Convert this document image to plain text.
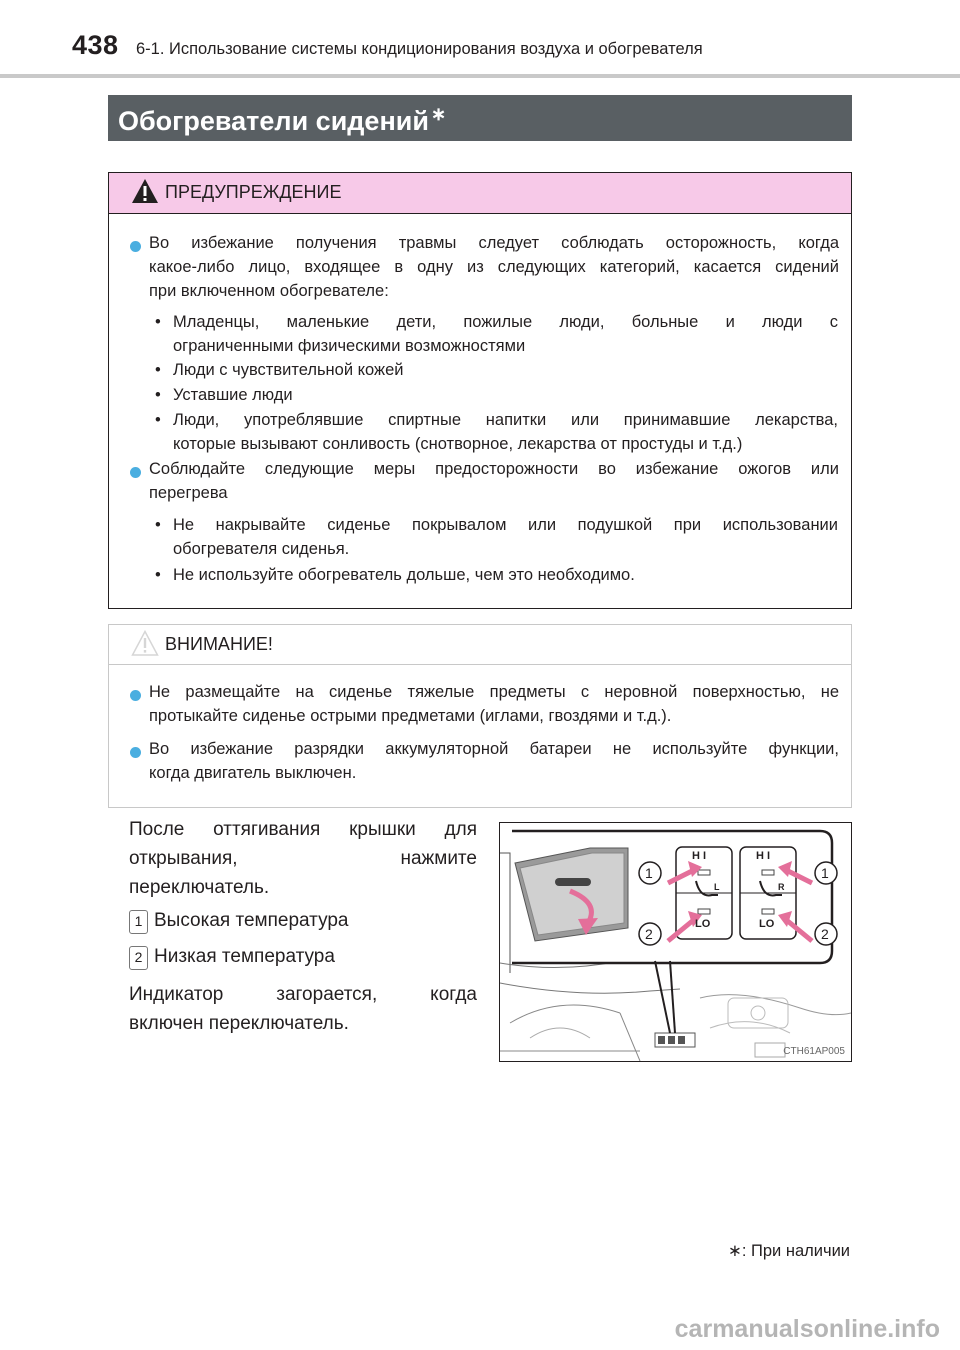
438 6-1. Использование системы кондиционирования воздуха и обогревателя
Обогреватели сидений ∗
ПРЕДУПРЕЖДЕНИЕ
Во избежание получения травмы следует соблюдать осторожность, когда
какое-либо лицо, входящее в одну из следующих категорий, касается сидений
при включенном обогревателе:
• Младенцы, маленькие дети, пожилые люди, больные и люди с
ограниченными физическими возможностями
• Люди с чувствительной кожей
• Уставшие люди
• Люди, употреблявшие спиртные напитки или принимавшие лекарства,
которые вызывают сонливость (снотворное, лекарства от простуды и т.д.)
Соблюдайте следующие меры предосторожности во избежание ожогов или
перегрева
• Не накрывайте сиденье покрывалом или подушкой при использовании
обогревателя сиденья.
• Не используйте обогреватель дольше, чем это необходимо.
ВНИМАНИЕ!
Не размещайте на сиденье тяжелые предметы с неровной поверхностью, не
протыкайте сиденье острыми предметами (иглами, гвоздями и т.д.).
Во избежание разрядки аккумуляторной батареи не используйте функции,
когда двигатель выключен.
После оттягивания крышки для
открывания, нажмите
переключатель.
1 Высокая температура
2 Низкая температура
Индикатор загорается, когда
включен переключатель.
H I	H I
LO	LO
L	R
1
2
1
2
CTH61AP005
∗: При наличии
carmanualsonline.info
